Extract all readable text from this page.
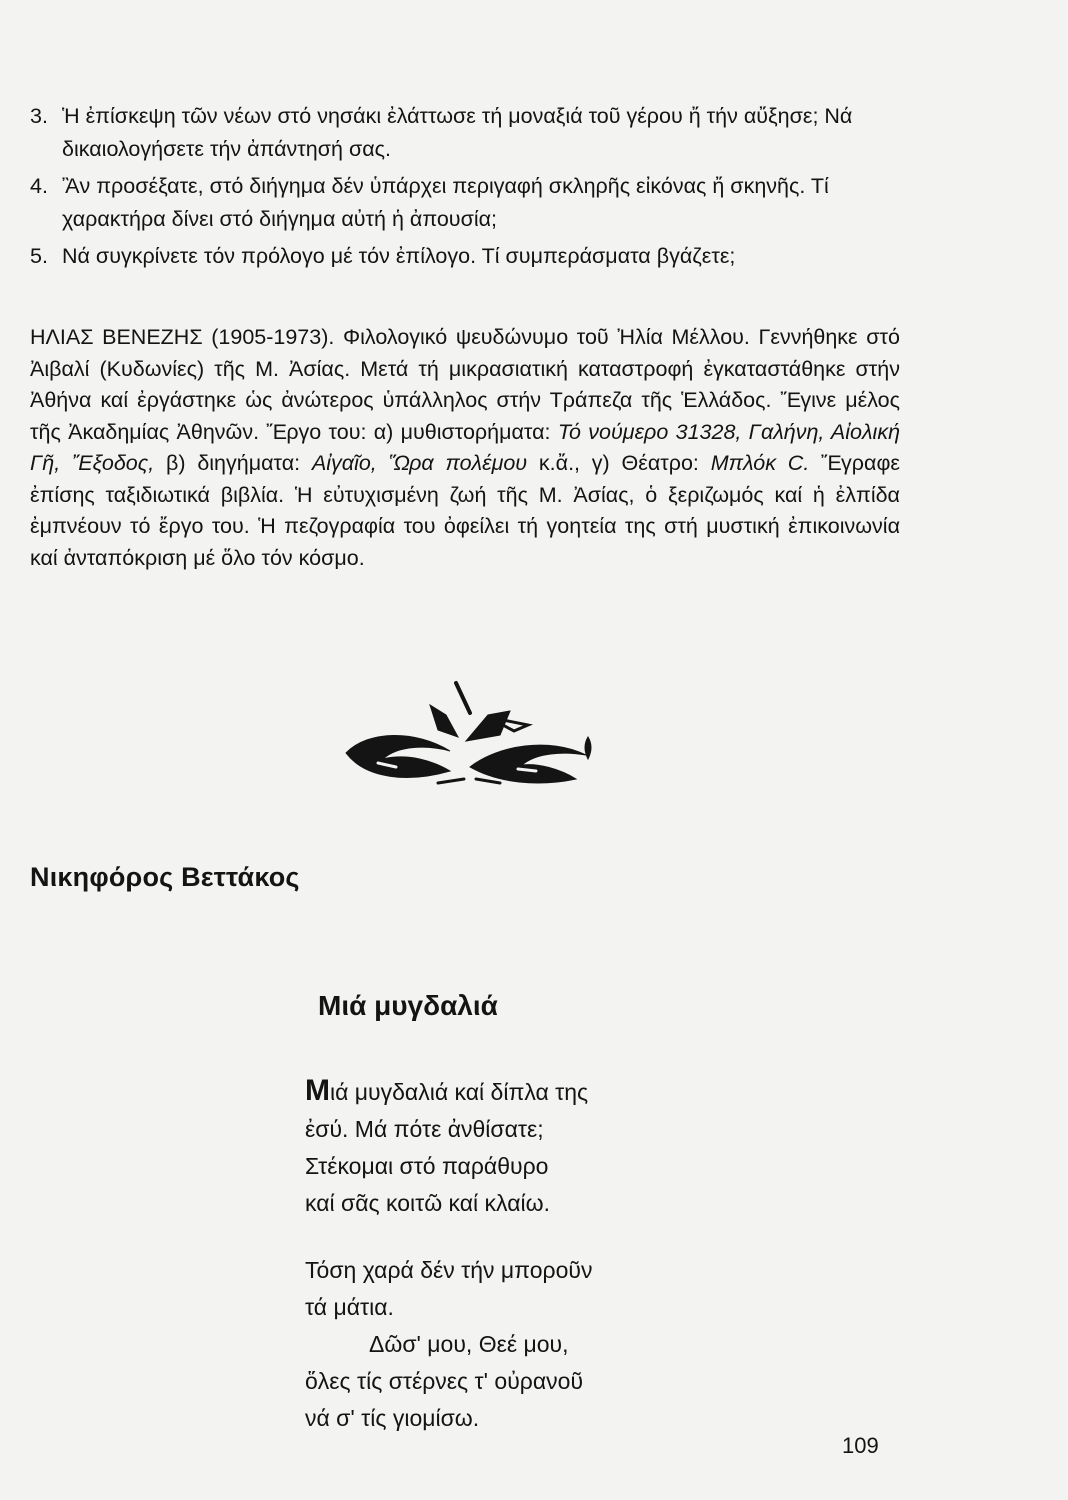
3. Ἡ ἐπίσκεψη τῶν νέων στό νησάκι ἐλάττωσε τή μοναξιά τοῦ γέρου ἤ τήν αὔξησε; Νά δικαιολογήσετε τήν ἀπάντησή σας.
4. Ἂν προσέξατε, στό διήγημα δέν ὑπάρχει περιγαφή σκληρῆς εἰκόνας ἤ σκηνῆς. Τί χαρακτήρα δίνει στό διήγημα αὐτή ἡ ἀπουσία;
5. Νά συγκρίνετε τόν πρόλογο μέ τόν ἐπίλογο. Τί συμπεράσματα βγάζετε;
ΗΛΙΑΣ ΒΕΝΕΖΗΣ (1905-1973). Φιλολογικό ψευδώνυμο τοῦ Ἠλία Μέλλου. Γεννήθηκε στό Ἀιβαλί (Κυδωνίες) τῆς Μ. Ἀσίας. Μετά τή μικρασιατική καταστροφή ἐγκαταστάθηκε στήν Ἀθήνα καί ἐργάστηκε ὡς ἀνώτερος ὑπάλληλος στήν Τράπεζα τῆς Ἑλλάδος. Ἔγινε μέλος τῆς Ἀκαδημίας Ἀθηνῶν. Ἔργο του: α) μυθιστορήματα: Τό νούμερο 31328, Γαλήνη, Αἰολική Γῆ, Ἔξοδος, β) διηγήματα: Αἰγαῖο, Ὥρα πολέμου κ.ἄ., γ) Θέατρο: Μπλόκ C. Ἔγραφε ἐπίσης ταξιδιωτικά βιβλία. Ἡ εὐτυχισμένη ζωή τῆς Μ. Ἀσίας, ὁ ξεριζωμός καί ἡ ἐλπίδα ἐμπνέουν τό ἔργο του. Ἡ πεζογραφία του ὀφείλει τή γοητεία της στή μυστική ἐπικοινωνία καί ἀνταπόκριση μέ ὅλο τόν κόσμο.
Νικηφόρος Βεττάκος
Μιά μυγδαλιά
Μιά μυγδαλιά καί δίπλα της
ἐσύ. Μά πότε ἀνθίσατε;
Στέκομαι στό παράθυρο
καί σᾶς κοιτῶ καί κλαίω.
Τόση χαρά δέν τήν μποροῦν
τά μάτια.
Δῶσ' μου, Θεέ μου,
ὅλες τίς στέρνες τ' οὐρανοῦ
νά σ' τίς γιομίσω.
109
